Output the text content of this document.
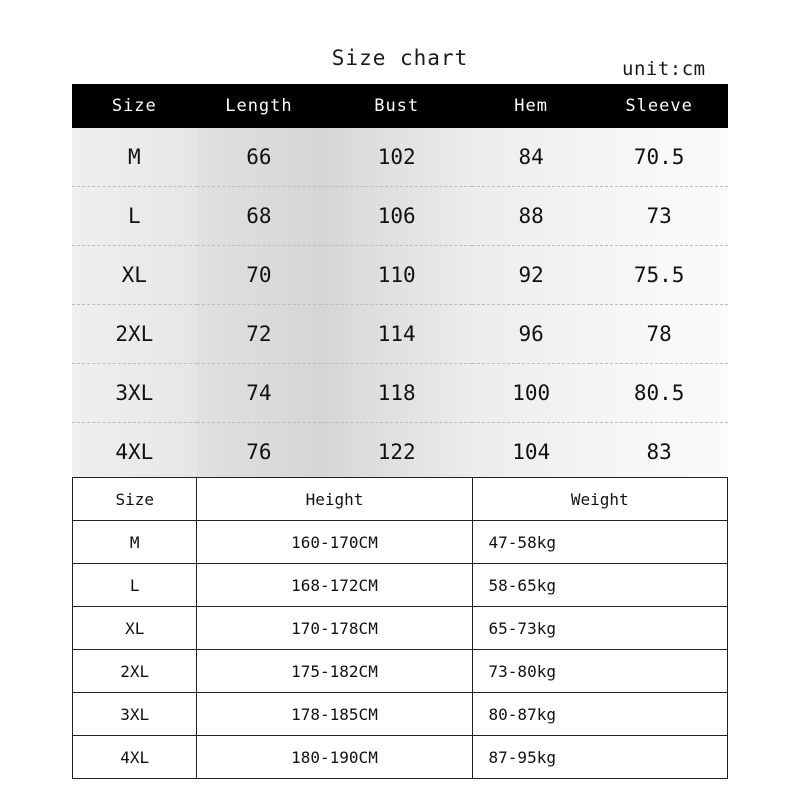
Size chart	unit:cm
Size	Length	Bust	Hem	Sleeve
M	66	102	84	70.5
L	68	106	88	73
XL	70	110	92	75.5
2XL	72	114	96	78
3XL	74	118	100	80.5
4XL	76	122	104	83
Size	Height	Weight
M	160-170CM	47-58kg
L	168-172CM	58-65kg
XL	170-178CM	65-73kg
2XL	175-182CM	73-80kg
3XL	178-185CM	80-87kg
4XL	180-190CM	87-95kg
